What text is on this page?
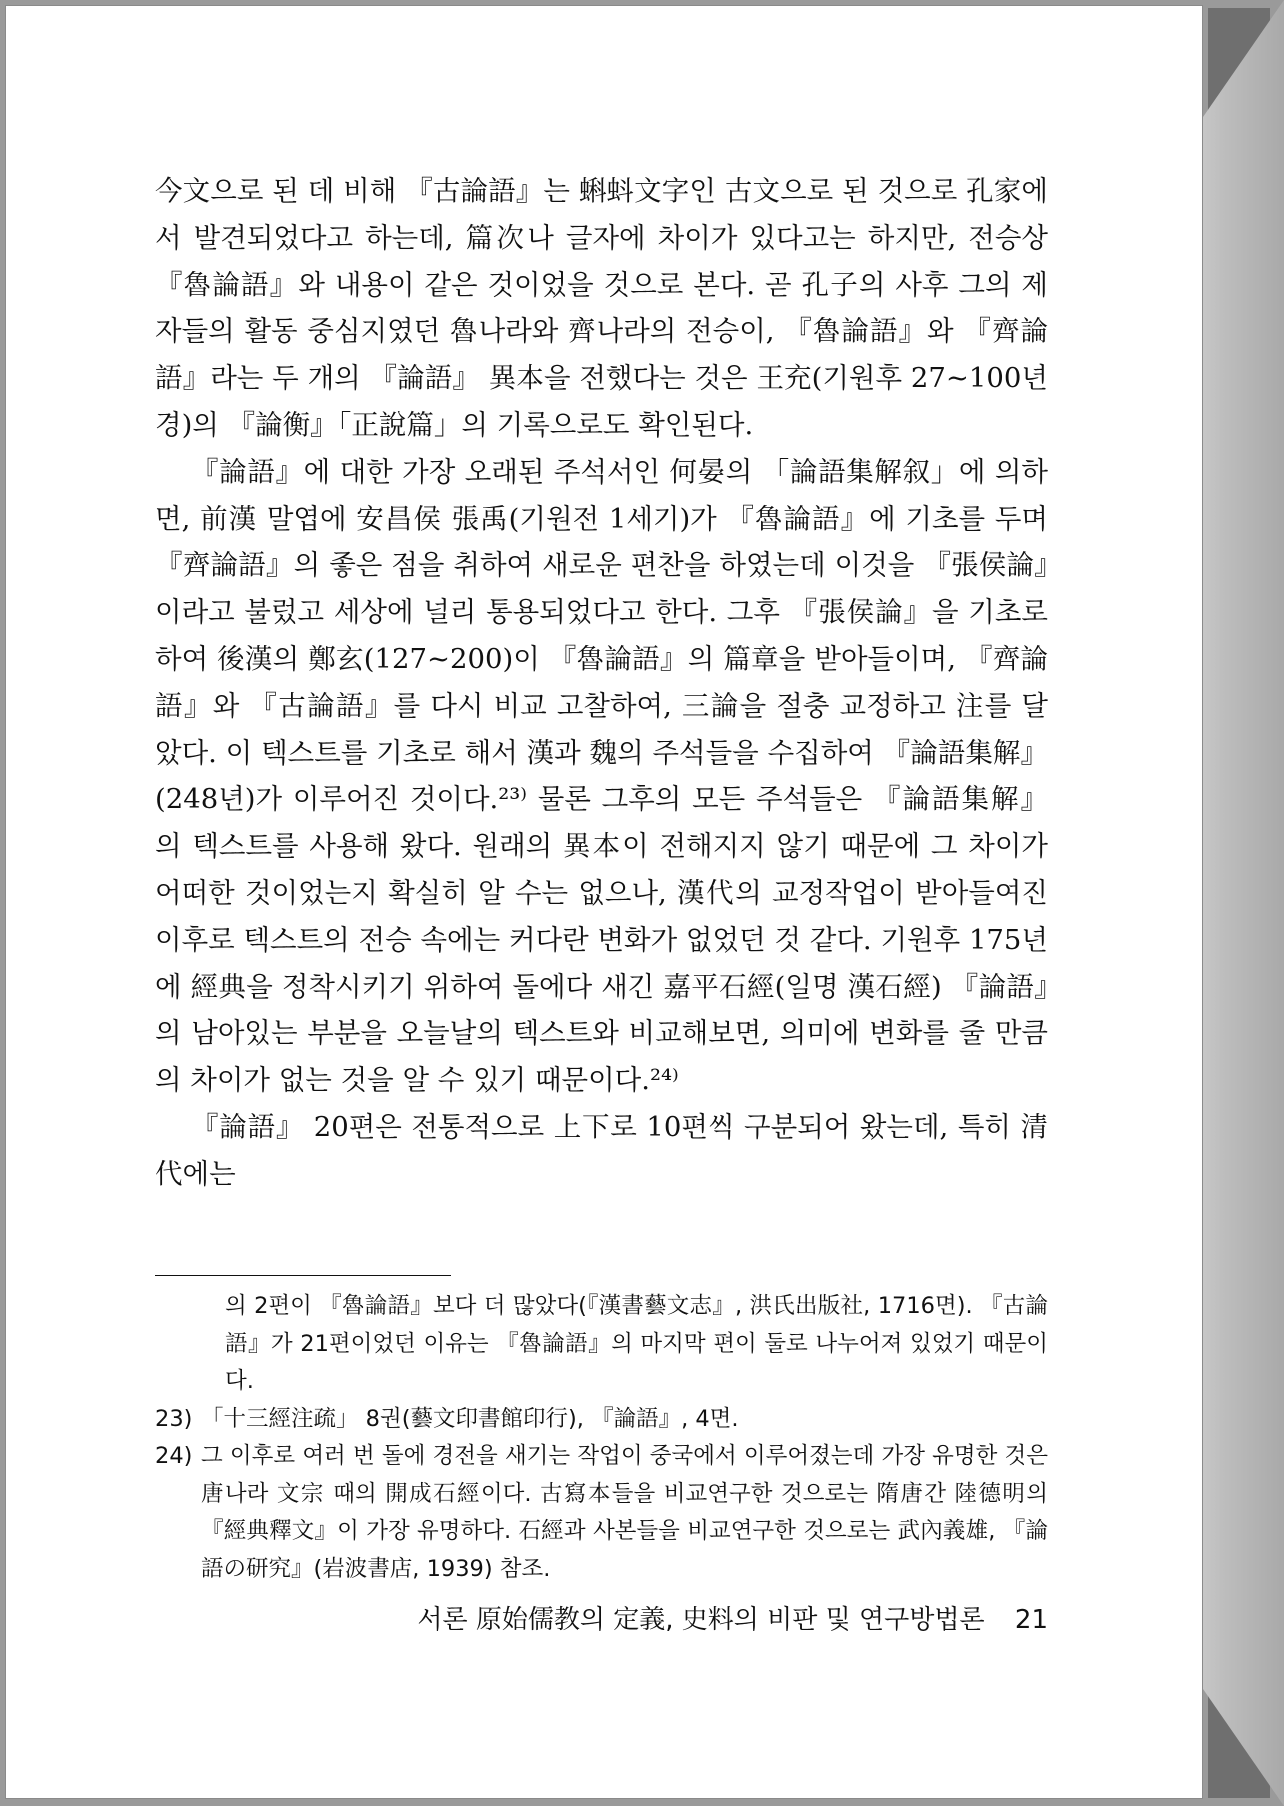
今文으로 된 데 비해 『古論語』는 蝌蚪文字인 古文으로 된 것으로 孔家에서 발견되었다고 하는데, 篇次나 글자에 차이가 있다고는 하지만, 전승상 『魯論語』와 내용이 같은 것이었을 것으로 본다. 곧 孔子의 사후 그의 제자들의 활동 중심지였던 魯나라와 齊나라의 전승이, 『魯論語』와 『齊論語』라는 두 개의 『論語』 異本을 전했다는 것은 王充(기원후 27~100년경)의 『論衡』「正說篇」의 기록으로도 확인된다.

『論語』에 대한 가장 오래된 주석서인 何晏의 「論語集解叙」에 의하면, 前漢 말엽에 安昌侯 張禹(기원전 1세기)가 『魯論語』에 기초를 두며 『齊論語』의 좋은 점을 취하여 새로운 편찬을 하였는데 이것을 『張侯論』이라고 불렀고 세상에 널리 통용되었다고 한다. 그후 『張侯論』을 기초로 하여 後漢의 鄭玄(127~200)이 『魯論語』의 篇章을 받아들이며, 『齊論語』와 『古論語』를 다시 비교 고찰하여, 三論을 절충 교정하고 注를 달았다. 이 텍스트를 기초로 해서 漢과 魏의 주석들을 수집하여 『論語集解』(248년)가 이루어진 것이다.²³⁾ 물론 그후의 모든 주석들은 『論語集解』의 텍스트를 사용해 왔다. 원래의 異本이 전해지지 않기 때문에 그 차이가 어떠한 것이었는지 확실히 알 수는 없으나, 漢代의 교정작업이 받아들여진 이후로 텍스트의 전승 속에는 커다란 변화가 없었던 것 같다. 기원후 175년에 經典을 정착시키기 위하여 돌에다 새긴 嘉平石經(일명 漢石經) 『論語』의 남아있는 부분을 오늘날의 텍스트와 비교해보면, 의미에 변화를 줄 만큼의 차이가 없는 것을 알 수 있기 때문이다.²⁴⁾

『論語』 20편은 전통적으로 上下로 10편씩 구분되어 왔는데, 특히 清代에는

의 2편이 『魯論語』보다 더 많았다(『漢書藝文志』, 洪氏出版社, 1716면). 『古論語』가 21편이었던 이유는 『魯論語』의 마지막 편이 둘로 나누어져 있었기 때문이다.

23) 「十三經注疏」 8권(藝文印書館印行), 『論語』, 4면.
24) 그 이후로 여러 번 돌에 경전을 새기는 작업이 중국에서 이루어졌는데 가장 유명한 것은 唐나라 文宗 때의 開成石經이다. 古寫本들을 비교연구한 것으로는 隋唐간 陸德明의 『經典釋文』이 가장 유명하다. 石經과 사본들을 비교연구한 것으로는 武內義雄, 『論語の研究』(岩波書店, 1939) 참조.
서론 原始儒教의 定義, 史料의 비판 및 연구방법론 21
